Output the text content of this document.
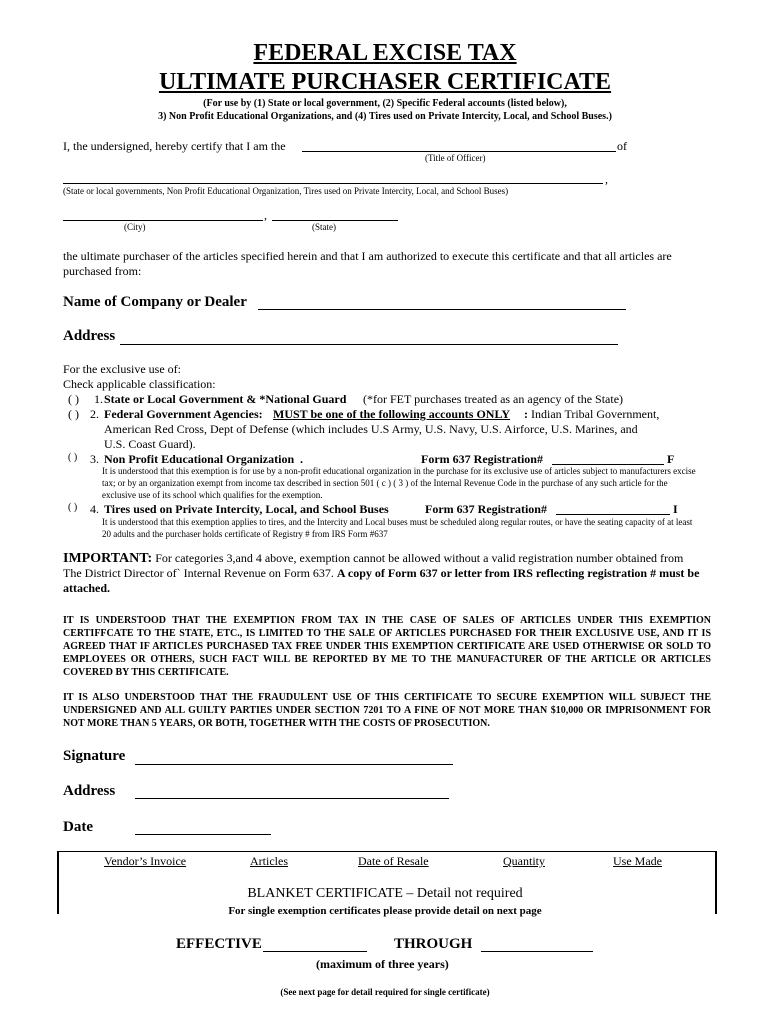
FEDERAL EXCISE TAX
ULTIMATE PURCHASER CERTIFICATE
(For use by (1) State or local government, (2) Specific Federal accounts (listed below),
3) Non Profit Educational Organizations, and (4) Tires used on Private Intercity, Local, and School Buses.)
I, the undersigned, hereby certify that I am the	of
(Title of Officer)
,
(State or local governments, Non Profit Educational Organization, Tires used on Private Intercity, Local, and School Buses)
,
(City)	(State)
the ultimate purchaser of the articles specified herein and that I am authorized to execute this certificate and that all articles are purchased from:
Name of Company or Dealer
Address
For the exclusive use of:
Check applicable classification:
( ) 1. State or Local Government & *National Guard (*for FET purchases treated as an agency of the State)
( ) 2. Federal Government Agencies: MUST be one of the following accounts ONLY : Indian Tribal Government,
American Red Cross, Dept of Defense (which includes U.S Army, U.S. Navy, U.S. Airforce, U.S. Marines, and
U.S. Coast Guard).
( ) 3. Non Profit Educational Organization .	Form 637 Registration#	F
It is understood that this exemption is for use by a non-profit educational organization in the purchase for its exclusive use of articles subject to manufacturers excise tax; or by an organization exempt from income tax described in section 501 ( c ) ( 3 ) of the Internal Revenue Code in the purchase of any such article for the exclusive use of its school which qualifies for the exemption.
( ) 4. Tires used on Private Intercity, Local, and School Buses	Form 637 Registration#	I
It is understood that this exemption applies to tires, and the Intercity and Local buses must be scheduled along regular routes, or have the seating capacity of at least 20 adults and the purchaser holds certificate of Registry # from IRS Form #637
IMPORTANT: For categories 3,and 4 above, exemption cannot be allowed without a valid registration number obtained from The District Director of` Internal Revenue on Form 637. A copy of Form 637 or letter from IRS reflecting registration # must be attached.
IT IS UNDERSTOOD THAT THE EXEMPTION FROM TAX IN THE CASE OF SALES OF ARTICLES UNDER THIS EXEMPTION CERTIFFCATE TO THE STATE, ETC., IS LIMITED TO THE SALE OF ARTICLES PURCHASED FOR THEIR EXCLUSIVE USE, AND IT IS AGREED THAT IF ARTICLES PURCHASED TAX FREE UNDER THIS EXEMPTION CERTIFICATE ARE USED OTHERWISE OR SOLD TO EMPLOYEES OR OTHERS, SUCH FACT WILL BE REPORTED BY ME TO THE MANUFACTURER OF THE ARTICLE OR ARTICLES COVERED BY THIS CERTIFICATE.
IT IS ALSO UNDERSTOOD THAT THE FRAUDULENT USE OF THIS CERTIFICATE TO SECURE EXEMPTION WILL SUBJECT THE UNDERSIGNED AND ALL GUILTY PARTIES UNDER SECTION 7201 TO A FINE OF NOT MORE THAN $10,000 OR IMPRISONMENT FOR NOT MORE THAN 5 YEARS, OR BOTH, TOGETHER WITH THE COSTS OF PROSECUTION.
Signature
Address
Date
Vendor’s Invoice	Articles	Date of Resale	Quantity	Use Made
BLANKET CERTIFICATE – Detail not required
For single exemption certificates please provide detail on next page
EFFECTIVE	THROUGH
(maximum of three years)
(See next page for detail required for single certificate)
